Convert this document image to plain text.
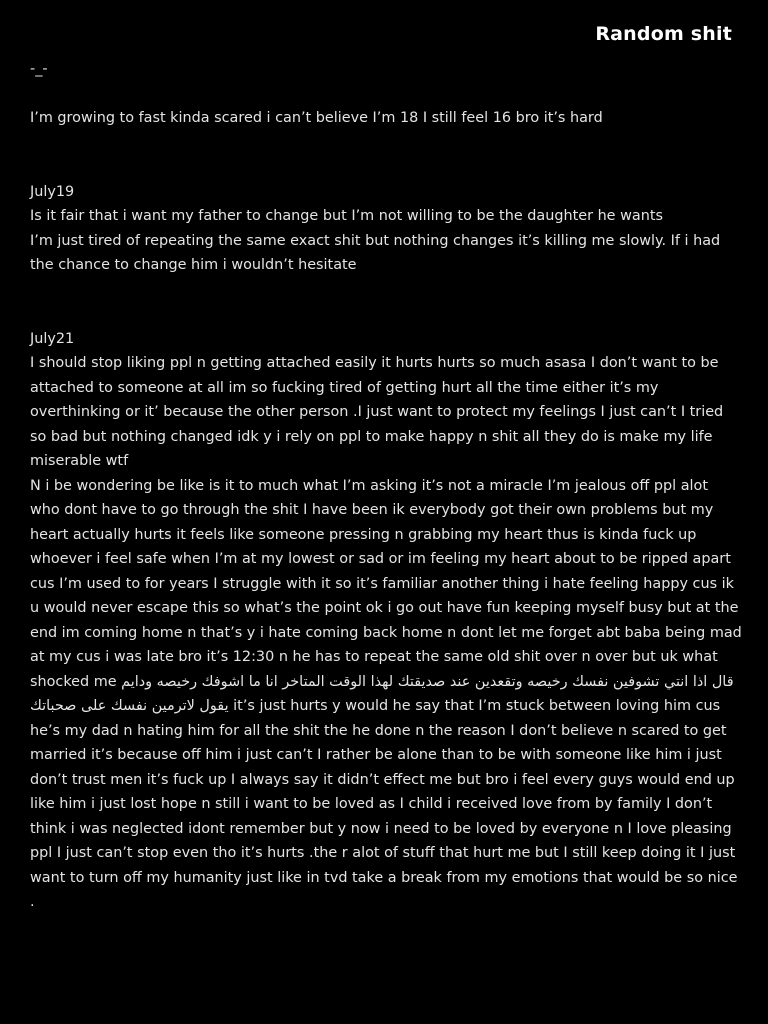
Random shit
-_-
I’m growing to fast kinda scared i can’t believe I’m 18 I still feel 16 bro it’s hard
July19
Is it fair that i want my father to change but I’m not willing to be the daughter he wants
I’m just tired of repeating the same exact shit but nothing changes it’s killing me slowly. If i had the chance to change him i wouldn’t hesitate
July21
I should stop liking ppl n getting attached easily it hurts hurts so much asasa I don’t want to be attached to someone at all im so fucking tired of getting hurt all the time either it’s my overthinking or it’ because the other person .I just want to protect my feelings I just can’t I tried so bad but nothing changed idk y i rely on ppl to make happy n shit all they do is make my life miserable wtf
N i be wondering be like is it to much what I’m asking it’s not a miracle I’m jealous off ppl alot who dont have to go through the shit I have been ik everybody got their own problems but my heart actually hurts it feels like someone pressing n grabbing my heart thus is kinda fuck up whoever i feel safe when I’m at my lowest or sad or im feeling my heart about to be ripped apart cus I’m used to for years I struggle with it so it’s familiar another thing i hate feeling happy cus ik u would never escape this so what’s the point ok i go out have fun keeping myself busy but at the end im coming home n that’s y i hate coming back home n dont let me forget abt baba being mad at my cus i was late bro it’s 12:30 n he has to repeat the same old shit over n over but uk what shocked me قال اذا انتي تشوفين نفسك رخيصه وتقعدين عند صديقتك لهذا الوقت المتاخر انا ما اشوفك رخيصه ودايم يقول لاترمين نفسك على صحباتك it’s just hurts y would he say that I’m stuck between loving him cus he’s my dad n hating him for all the shit the he done n the reason I don’t believe n scared to get married it’s because off him i just can’t I rather be alone than to be with someone like him i just don’t trust men it’s fuck up I always say it didn’t effect me but bro i feel every guys would end up like him i just lost hope n still i want to be loved as I child i received love from by family I don’t think i was neglected idont remember but y now i need to be loved by everyone n I love pleasing ppl I just can’t stop even tho it’s hurts .the r alot of stuff that hurt me but I still keep doing it I just want to turn off my humanity just like in tvd take a break from my emotions that would be so nice .
